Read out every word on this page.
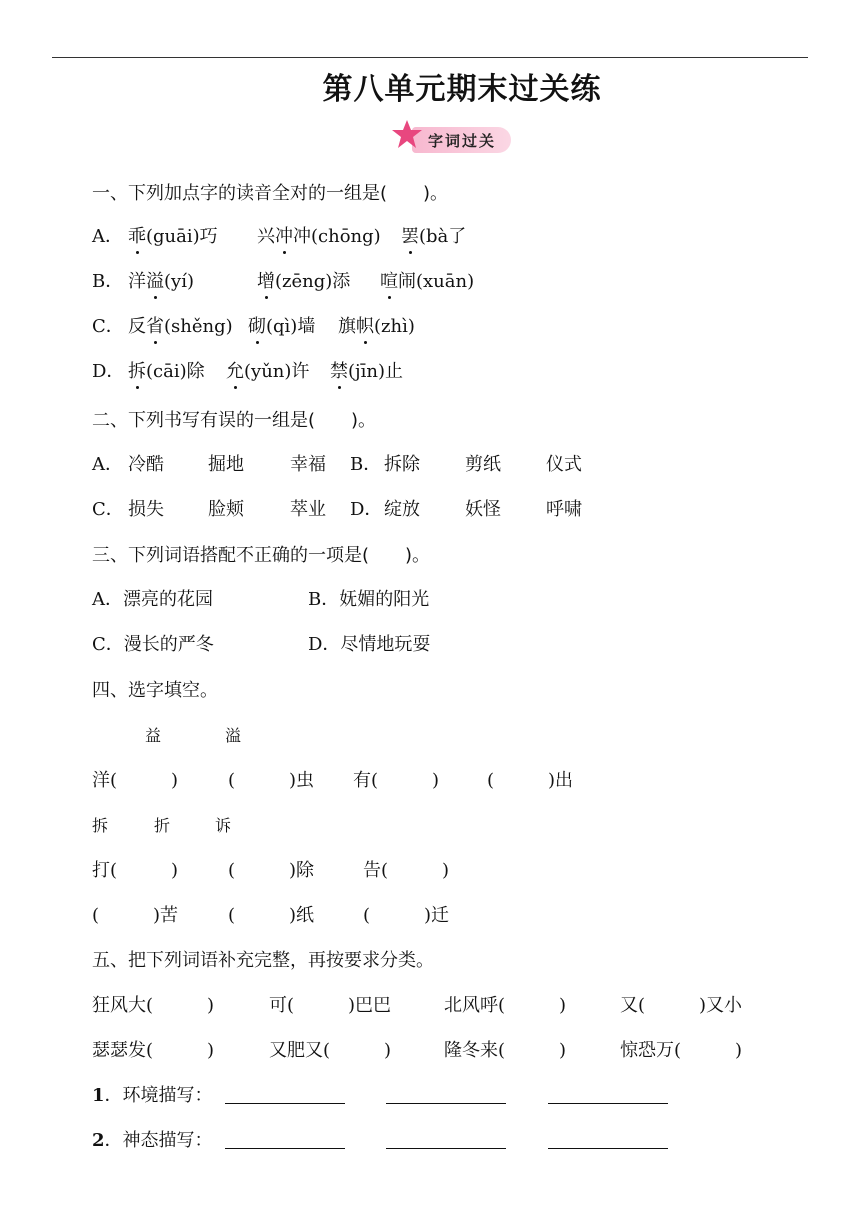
第八单元期末过关练
字词过关
一、下列加点字的读音全对的一组是(　　)。
A． 乖(guāi)巧 兴冲冲(chōng) 罢(bà了
B． 洋溢(yí)	增(zēng)添 喧闹(xuān)
C． 反省(shěng) 砌(qì)墙 旗帜(zhì)
D． 拆(cāi)除 允(yǔn)许 禁(jīn)止
二、下列书写有误的一组是(　　)。
A． 冷酷 掘地	幸福 B． 拆除	剪纸	仪式
C． 损失 脸颊	萃业 D． 绽放	妖怪	呼啸
三、下列词语搭配不正确的一项是(　　)。
A．漂亮的花园	B．妩媚的阳光
C．漫长的严冬	D．尽情地玩耍
四、选字填空。
益	溢
洋(　　　)	(　　　)虫 有(　　　)	(　　　)出
拆	折	诉
打(　　　)	(　　　)除	告(　　　)
(　　　)苦	(　　　)纸	(　　　)迁
五、把下列词语补充完整，再按要求分类。
狂风大(　　　)	可(　　　)巴巴	北风呼(　　　)	又(　　　)又小
瑟瑟发(　　　)	又肥又(　　　)	隆冬来(　　　)	惊恐万(　　　)
1．环境描写：
2．神态描写：
